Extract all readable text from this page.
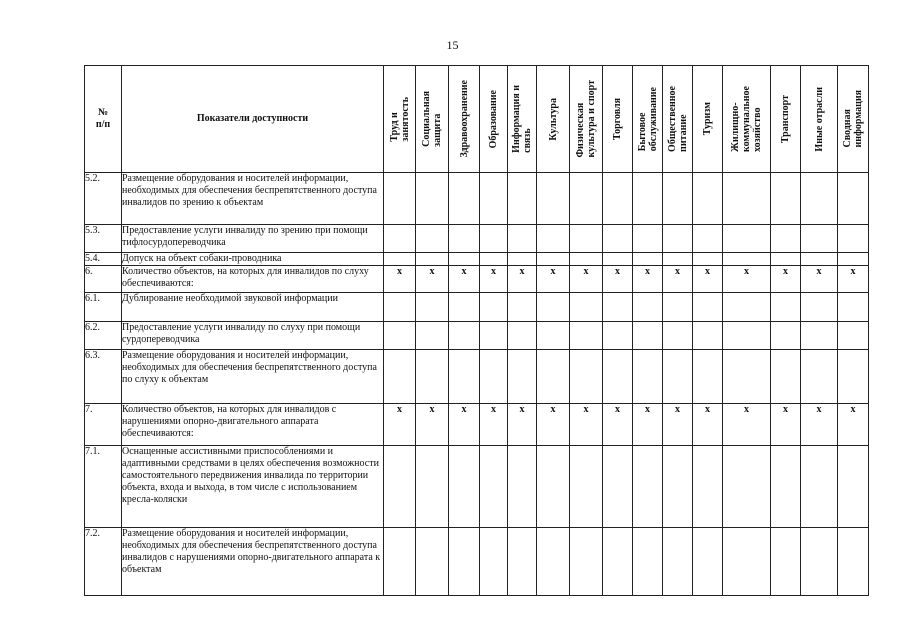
15
№
п/п	Показатели доступности	Труд и
занятость	Социальная
защита	Здравоохранение	Образование	Информация и
связь	Культура	Физическая
культура и спорт	Торговля	Бытовое
обслуживание	Общественное
питание	Туризм	Жилищно-
коммунальное
хозяйство	Транспорт	Иные отрасли	Сводная
информация

5.2.	Размещение оборудования и носителей информации, необходимых для обеспечения беспрепятственного доступа инвалидов по зрению к объектам															
5.3.	Предоставление услуги инвалиду по зрению при помощи тифлосурдопереводчика															
5.4.	Допуск на объект собаки-проводника															
6.	Количество объектов, на которых для инвалидов по слуху обеспечиваются:	x	x	x	x	x	x	x	x	x	x	x	x	x	x	x
6.1.	Дублирование необходимой звуковой информации															
6.2.	Предоставление услуги инвалиду по слуху при помощи сурдопереводчика															
6.3.	Размещение оборудования и носителей информации, необходимых для обеспечения беспрепятственного доступа по слуху к объектам															
7.	Количество объектов, на которых для инвалидов с нарушениями опорно-двигательного аппарата обеспечиваются:	x	x	x	x	x	x	x	x	x	x	x	x	x	x	x
7.1.	Оснащенные ассистивными приспособлениями и адаптивными средствами в целях обеспечения возможности самостоятельного передвижения инвалида по территории объекта, входа и выхода, в том числе с использованием кресла-коляски															
7.2.	Размещение оборудования и носителей информации, необходимых для обеспечения беспрепятственного доступа инвалидов с нарушениями опорно-двигательного аппарата к объектам															
